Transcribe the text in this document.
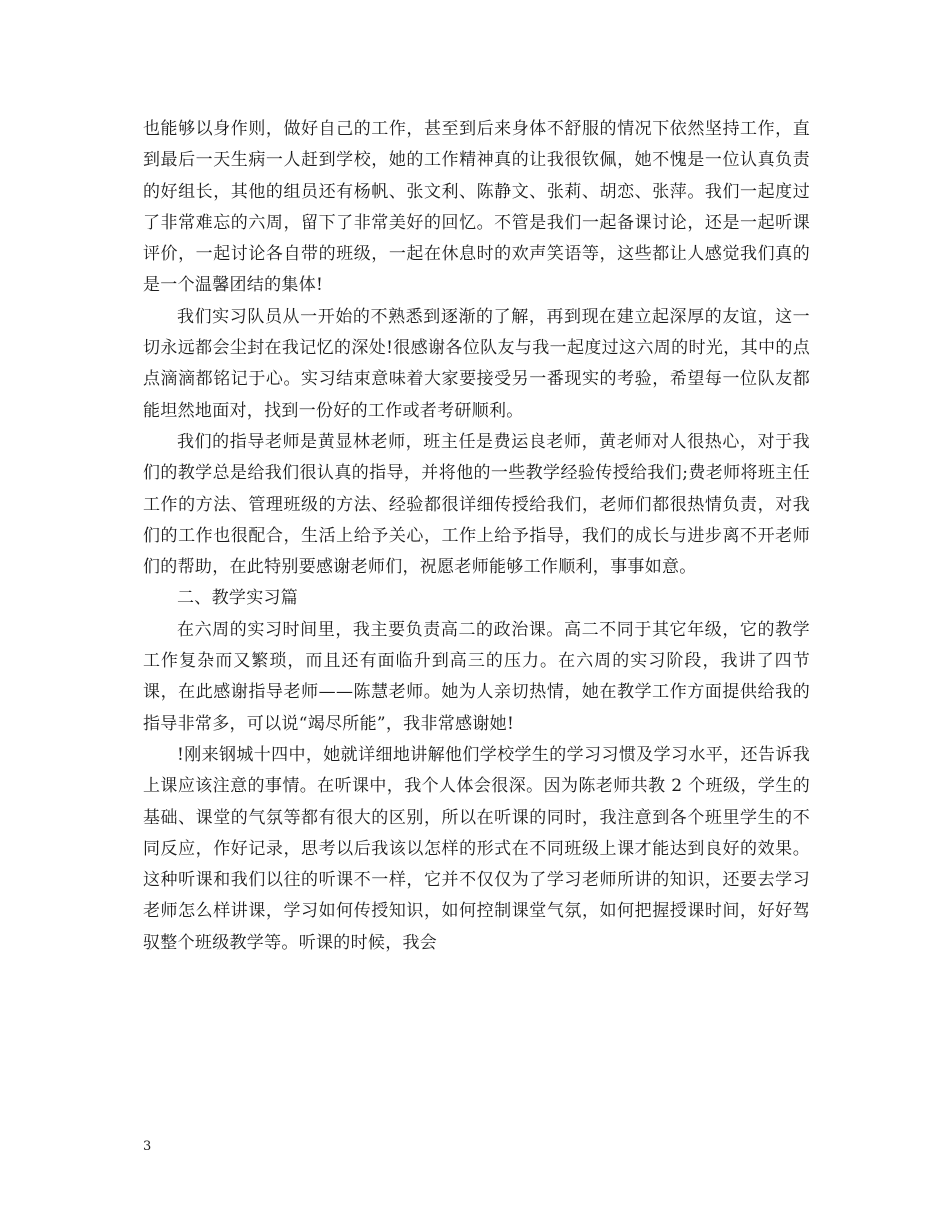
也能够以身作则，做好自己的工作，甚至到后来身体不舒服的情况下依然坚持工作，直到最后一天生病一人赶到学校，她的工作精神真的让我很钦佩，她不愧是一位认真负责的好组长，其他的组员还有杨帆、张文利、陈静文、张莉、胡恋、张萍。我们一起度过了非常难忘的六周，留下了非常美好的回忆。不管是我们一起备课讨论，还是一起听课评价，一起讨论各自带的班级，一起在休息时的欢声笑语等，这些都让人感觉我们真的是一个温馨团结的集体!

我们实习队员从一开始的不熟悉到逐渐的了解，再到现在建立起深厚的友谊，这一切永远都会尘封在我记忆的深处!很感谢各位队友与我一起度过这六周的时光，其中的点点滴滴都铭记于心。实习结束意味着大家要接受另一番现实的考验，希望每一位队友都能坦然地面对，找到一份好的工作或者考研顺利。

我们的指导老师是黄显林老师，班主任是费运良老师，黄老师对人很热心，对于我们的教学总是给我们很认真的指导，并将他的一些教学经验传授给我们;费老师将班主任工作的方法、管理班级的方法、经验都很详细传授给我们，老师们都很热情负责，对我们的工作也很配合，生活上给予关心，工作上给予指导，我们的成长与进步离不开老师们的帮助，在此特别要感谢老师们，祝愿老师能够工作顺利，事事如意。

二、教学实习篇

在六周的实习时间里，我主要负责高二的政治课。高二不同于其它年级，它的教学工作复杂而又繁琐，而且还有面临升到高三的压力。在六周的实习阶段，我讲了四节课，在此感谢指导老师——陈慧老师。她为人亲切热情，她在教学工作方面提供给我的指导非常多，可以说“竭尽所能”，我非常感谢她!

!刚来钢城十四中，她就详细地讲解他们学校学生的学习习惯及学习水平，还告诉我上课应该注意的事情。在听课中，我个人体会很深。因为陈老师共教 2 个班级，学生的基础、课堂的气氛等都有很大的区别，所以在听课的同时，我注意到各个班里学生的不同反应，作好记录，思考以后我该以怎样的形式在不同班级上课才能达到良好的效果。这种听课和我们以往的听课不一样，它并不仅仅为了学习老师所讲的知识，还要去学习老师怎么样讲课，学习如何传授知识，如何控制课堂气氛，如何把握授课时间，好好驾驭整个班级教学等。听课的时候，我会

3
